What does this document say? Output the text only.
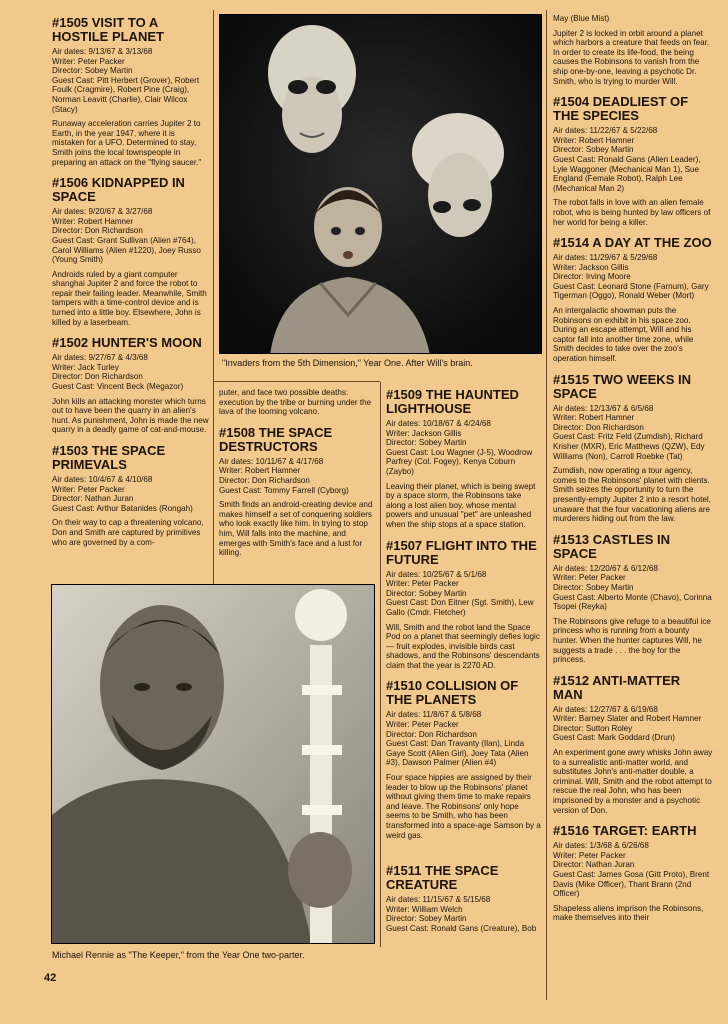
"Invaders from the 5th Dimension," Year One. After Will's brain.
Michael Rennie as "The Keeper," from the Year One two-parter.
42
#1505 VISIT TO A HOSTILE PLANET
Air dates: 9/13/67 & 3/13/68
Writer: Peter Packer
Director: Sobey Martin
Guest Cast: Pitt Herbert (Grover), Robert Foulk (Cragmire), Robert Pine (Craig), Norman Leavitt (Charlie), Clair Wilcox (Stacy)
Runaway acceleration carries Jupiter 2 to Earth, in the year 1947, where it is mistaken for a UFO. Determined to stay, Smith joins the local townspeople in preparing an attack on the "flying saucer."
#1506 KIDNAPPED IN SPACE
Air dates: 9/20/67 & 3/27/68
Writer: Robert Hamner
Director: Don Richardson
Guest Cast: Grant Sullivan (Alien #764), Carol Williams (Alien #1220), Joey Russo (Young Smith)
Androids ruled by a giant computer shanghai Jupiter 2 and force the robot to repair their failing leader. Meanwhile, Smith tampers with a time-control device and is turned into a little boy. Elsewhere, John is killed by a laserbeam.
#1502 HUNTER'S MOON
Air dates: 9/27/67 & 4/3/68
Writer: Jack Turley
Director: Don Richardson
Guest Cast: Vincent Beck (Megazor)
John kills an attacking monster which turns out to have been the quarry in an alien's hunt. As punishment, John is made the new quarry in a deadly game of cat-and-mouse.
#1503 THE SPACE PRIMEVALS
Air dates: 10/4/67 & 4/10/68
Writer: Peter Packer
Director: Nathan Juran
Guest Cast: Arthur Batanides (Rongah)
On their way to cap a threatening volcano, Don and Smith are captured by primitives who are governed by a com-
puter, and face two possible deaths: execution by the tribe or burning under the lava of the looming volcano.
#1508 THE SPACE DESTRUCTORS
Air dates: 10/11/67 & 4/17/68
Writer: Robert Hamner
Director: Don Richardson
Guest Cast: Tommy Farrell (Cyborg)
Smith finds an android-creating device and makes himself a set of conquering soldiers who look exactly like him. In trying to stop him, Will falls into the machine, and emerges with Smith's face and a lust for killing.
#1509 THE HAUNTED LIGHTHOUSE
Air dates: 10/18/67 & 4/24/68
Writer: Jackson Gillis
Director: Sobey Martin
Guest Cast: Lou Wagner (J-5), Woodrow Parfrey (Col. Fogey), Kenya Coburn (Zaybo)
Leaving their planet, which is being swept by a space storm, the Robinsons take along a lost alien boy, whose mental powers and unusual "pet" are unleashed when the ship stops at a space station.
#1507 FLIGHT INTO THE FUTURE
Air dates: 10/25/67 & 5/1/68
Writer: Peter Packer
Director: Sobey Martin
Guest Cast: Don Eitner (Sgt. Smith), Lew Gallo (Cmdr. Fletcher)
Will, Smith and the robot land the Space Pod on a planet that seemingly defies logic — fruit explodes, invisible birds cast shadows, and the Robinsons' descendants claim that the year is 2270 AD.
#1510 COLLISION OF THE PLANETS
Air dates: 11/8/67 & 5/8/68
Writer: Peter Packer
Director: Don Richardson
Guest Cast: Dan Travanty (Ilan), Linda Gaye Scott (Alien Girl), Joey Tata (Alien #3), Dawson Palmer (Alien #4)
Four space hippies are assigned by their leader to blow up the Robinsons' planet without giving them time to make repairs and leave. The Robinsons' only hope seems to be Smith, who has been transformed into a space-age Samson by a weird gas.
#1511 THE SPACE CREATURE
Air dates: 11/15/67 & 5/15/68
Writer: William Welch
Director: Sobey Martin
Guest Cast: Ronald Gans (Creature), Bob
May (Blue Mist)
Jupiter 2 is locked in orbit around a planet which harbors a creature that feeds on fear. In order to create its life-food, the being causes the Robinsons to vanish from the ship one-by-one, leaving a psychotic Dr. Smith, who is trying to murder Will.
#1504 DEADLIEST OF THE SPECIES
Air dates: 11/22/67 & 5/22/68
Writer: Robert Hamner
Director: Sobey Martin
Guest Cast: Ronald Gans (Alien Leader), Lyle Waggoner (Mechanical Man 1), Sue England (Female Robot), Ralph Lee (Mechanical Man 2)
The robot falls in love with an alien female robot, who is being hunted by law officers of her world for being a killer.
#1514 A DAY AT THE ZOO
Air dates: 11/29/67 & 5/29/68
Writer: Jackson Gillis
Director: Irving Moore
Guest Cast: Leonard Stone (Farnum), Gary Tigerman (Oggo), Ronald Weber (Mort)
An intergalactic showman puts the Robinsons on exhibit in his space zoo. During an escape attempt, Will and his captor fall into another time zone, while Smith decides to take over the zoo's operation himself.
#1515 TWO WEEKS IN SPACE
Air dates: 12/13/67 & 6/5/68
Writer: Robert Hamner
Director: Don Richardson
Guest Cast: Fritz Feld (Zumdish), Richard Krisher (MXR), Eric Matthews (QZW), Edy Williams (Non), Carroll Roebke (Tat)
Zumdish, now operating a tour agency, comes to the Robinsons' planet with clients. Smith seizes the opportunity to turn the presently-empty Jupiter 2 into a resort hotel, unaware that the four vacationing aliens are murderers hiding out from the law.
#1513 CASTLES IN SPACE
Air dates: 12/20/67 & 6/12/68
Writer: Peter Packer
Director: Sobey Martin
Guest Cast: Alberto Monte (Chavo), Corinna Tsopei (Reyka)
The Robinsons give refuge to a beautiful ice princess who is running from a bounty hunter. When the hunter captures Will, he suggests a trade . . . the boy for the princess.
#1512 ANTI-MATTER MAN
Air dates: 12/27/67 & 6/19/68
Writer: Barney Slater and Robert Hamner
Director: Sutton Roley
Guest Cast: Mark Goddard (Drun)
An experiment gone awry whisks John away to a surrealistic anti-matter world, and substitutes John's anti-matter double, a criminal. Will, Smith and the robot attempt to rescue the real John, who has been imprisoned by a monster and a psychotic version of Don.
#1516 TARGET: EARTH
Air dates: 1/3/68 & 6/26/68
Writer: Peter Packer
Director: Nathan Juran
Guest Cast: James Gosa (Gitt Proto), Brent Davis (Mike Officer), Thant Brann (2nd Officer)
Shapeless aliens imprison the Robinsons, make themselves into their
